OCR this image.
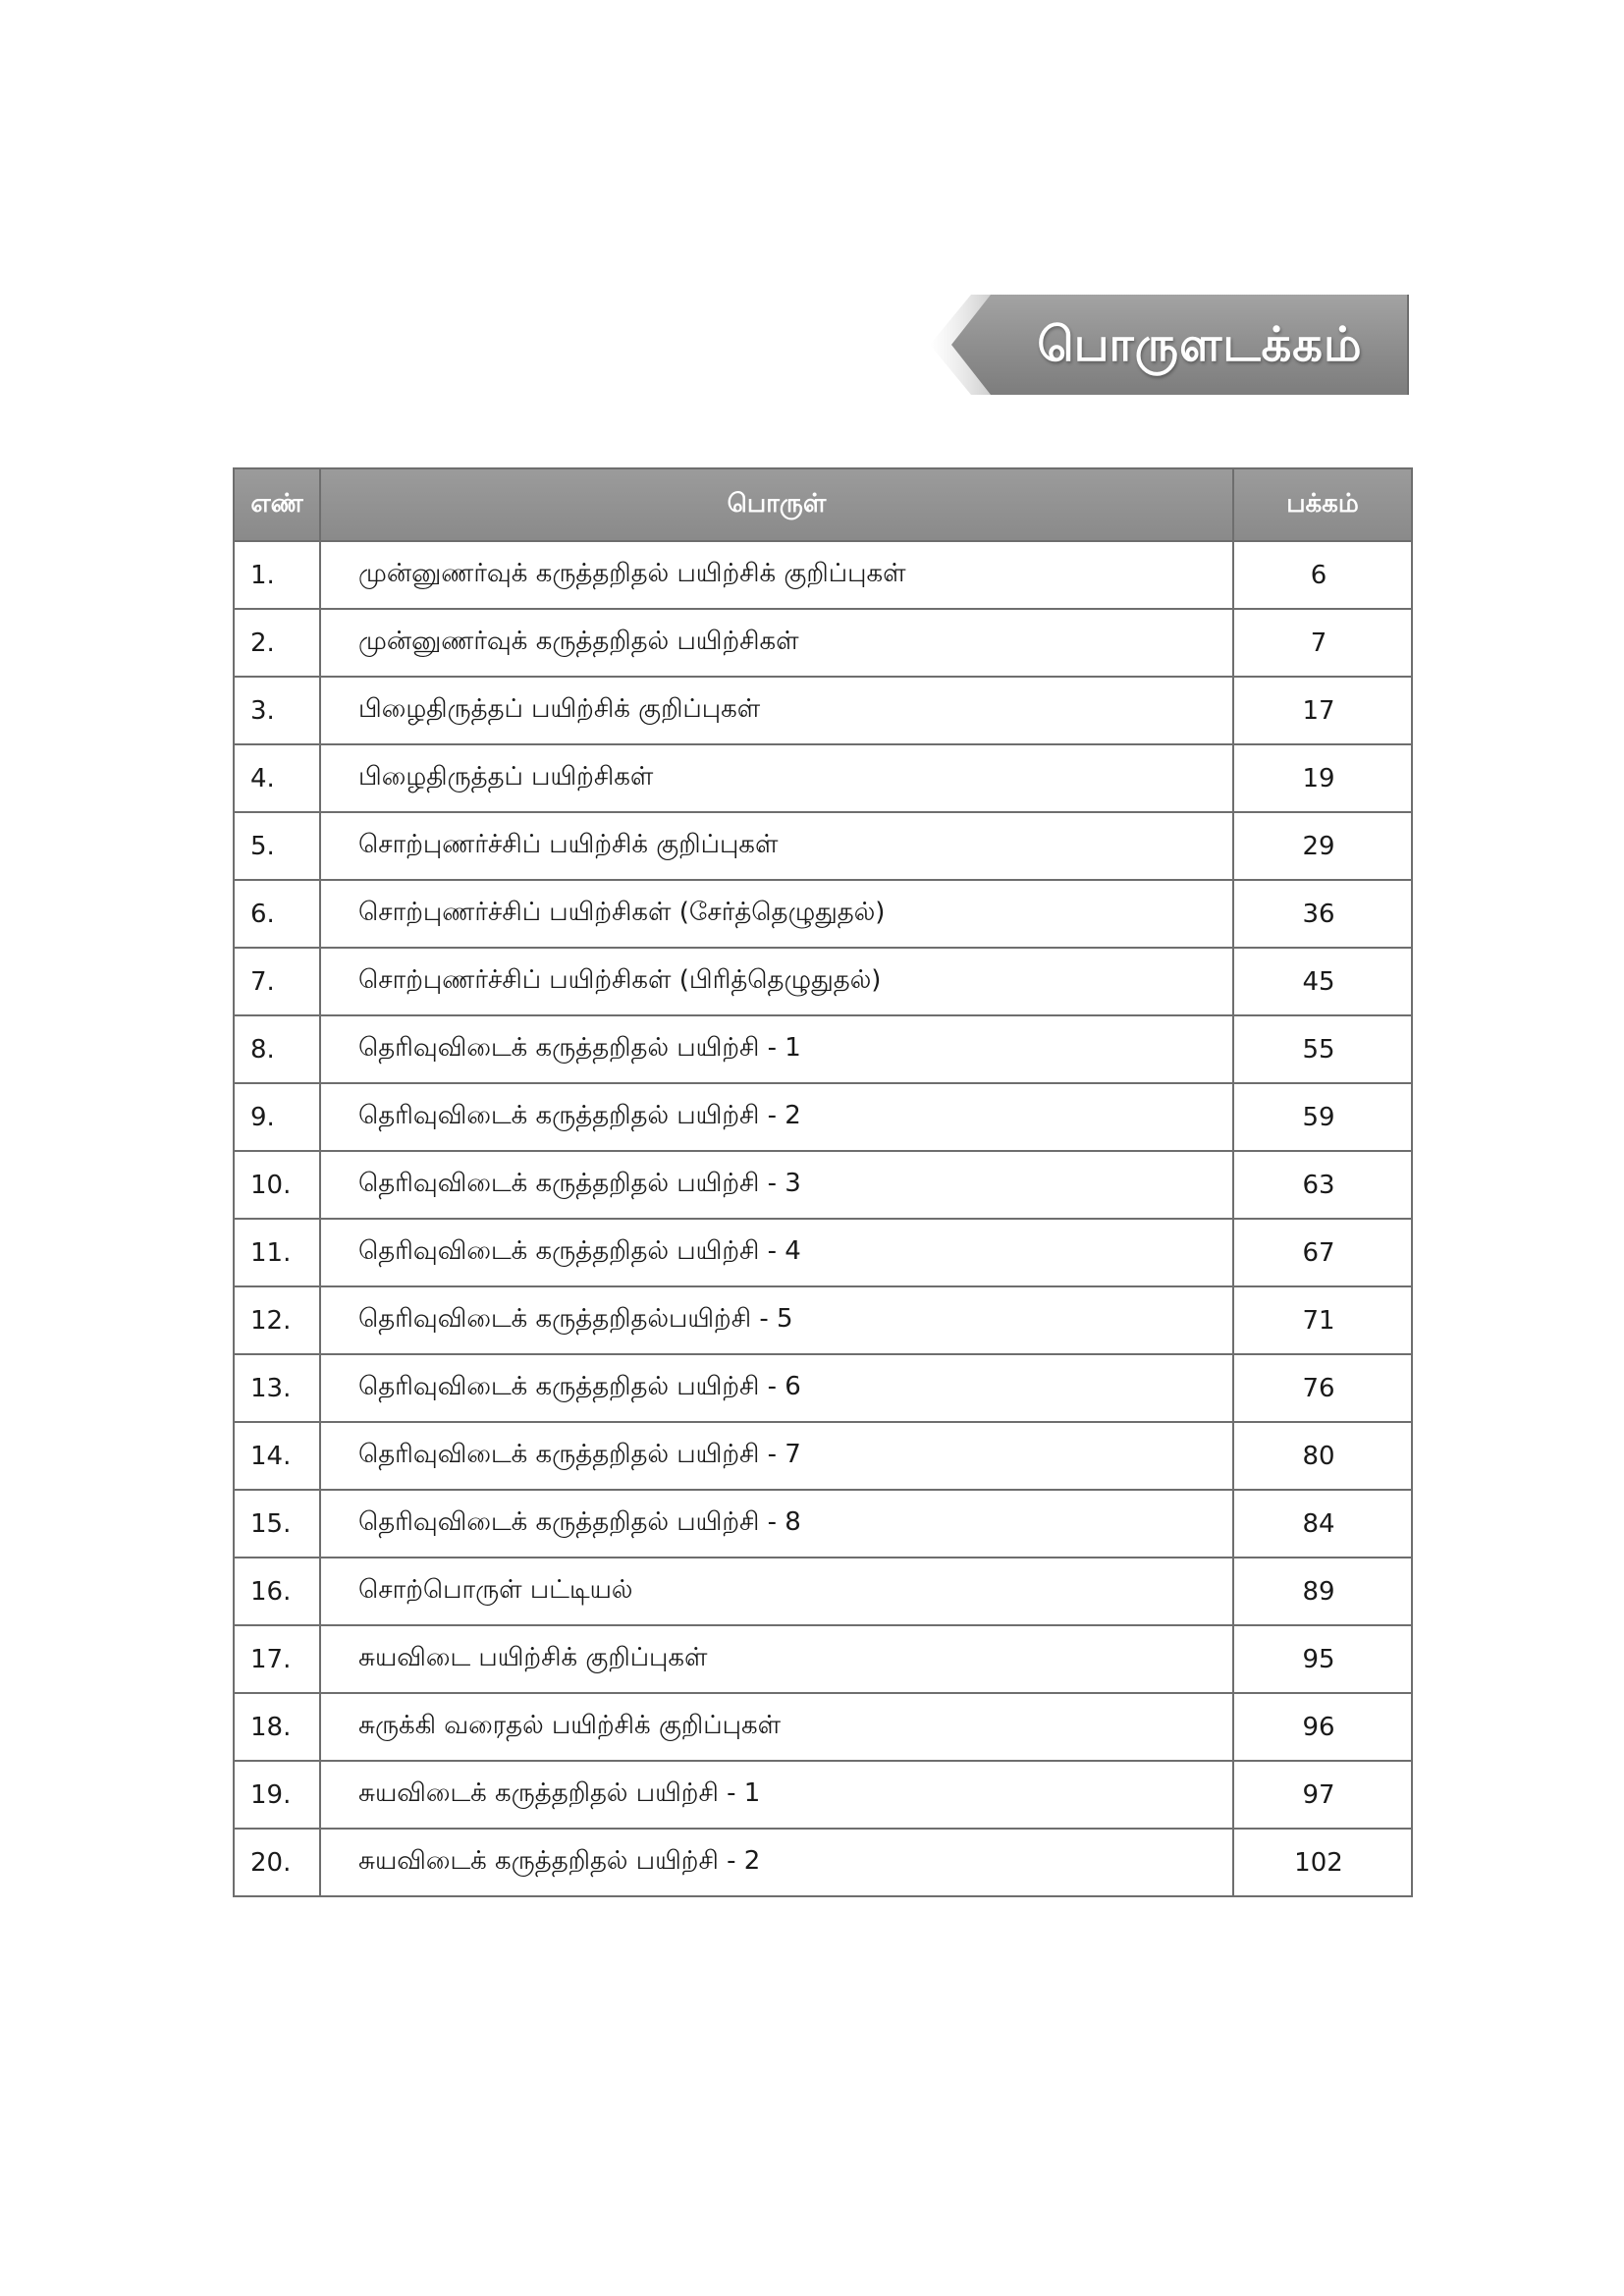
பொருளடக்கம்
எண்	பொருள்	பக்கம்
1.	முன்னுணர்வுக் கருத்தறிதல் பயிற்சிக் குறிப்புகள்	6
2.	முன்னுணர்வுக் கருத்தறிதல் பயிற்சிகள்	7
3.	பிழைதிருத்தப் பயிற்சிக் குறிப்புகள்	17
4.	பிழைதிருத்தப் பயிற்சிகள்	19
5.	சொற்புணர்ச்சிப் பயிற்சிக் குறிப்புகள்	29
6.	சொற்புணர்ச்சிப் பயிற்சிகள் (சேர்த்தெழுதுதல்)	36
7.	சொற்புணர்ச்சிப் பயிற்சிகள் (பிரித்தெழுதுதல்)	45
8.	தெரிவுவிடைக் கருத்தறிதல் பயிற்சி - 1	55
9.	தெரிவுவிடைக் கருத்தறிதல் பயிற்சி - 2	59
10.	தெரிவுவிடைக் கருத்தறிதல் பயிற்சி - 3	63
11.	தெரிவுவிடைக் கருத்தறிதல் பயிற்சி - 4	67
12.	தெரிவுவிடைக் கருத்தறிதல்பயிற்சி - 5	71
13.	தெரிவுவிடைக் கருத்தறிதல் பயிற்சி - 6	76
14.	தெரிவுவிடைக் கருத்தறிதல் பயிற்சி - 7	80
15.	தெரிவுவிடைக் கருத்தறிதல் பயிற்சி - 8	84
16.	சொற்பொருள் பட்டியல்	89
17.	சுயவிடை பயிற்சிக் குறிப்புகள்	95
18.	சுருக்கி வரைதல் பயிற்சிக் குறிப்புகள்	96
19.	சுயவிடைக் கருத்தறிதல் பயிற்சி - 1	97
20.	சுயவிடைக் கருத்தறிதல் பயிற்சி - 2	102
